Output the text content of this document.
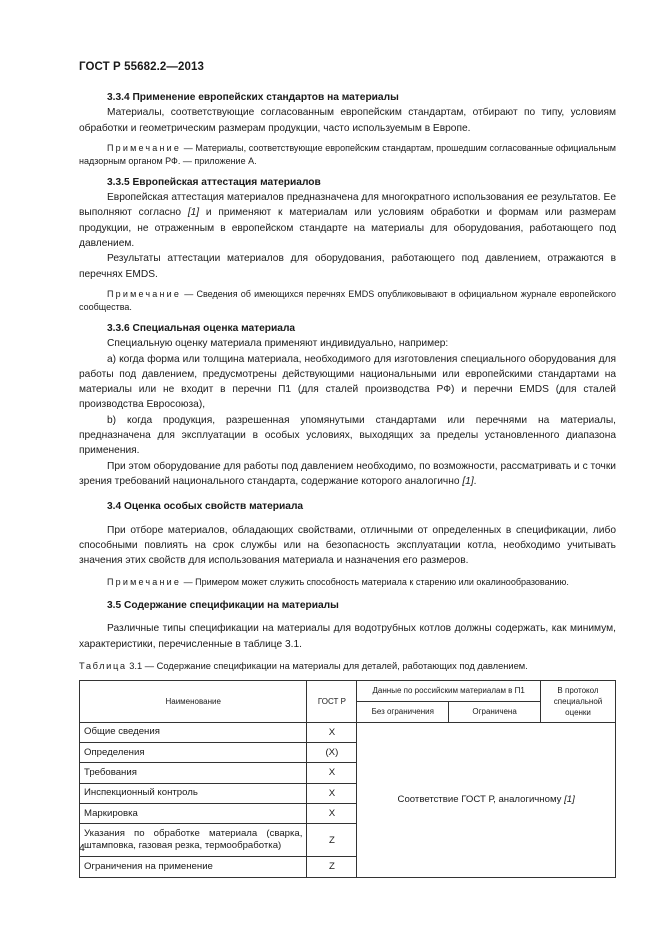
ГОСТ Р 55682.2—2013

3.3.4 Применение европейских стандартов на материалы

Материалы, соответствующие согласованным европейским стандартам, отбирают по типу, условиям обработки и геометрическим размерам продукции, часто используемым в Европе.

Примечание — Материалы, соответствующие европейским стандартам, прошедшим согласованные официальным надзорным органом РФ. — приложение А.

3.3.5 Европейская аттестация материалов

Европейская аттестация материалов предназначена для многократного использования ее результатов. Ее выполняют согласно [1] и применяют к материалам или условиям обработки и формам или размерам продукции, не отраженным в европейском стандарте на материалы для оборудования, работающего под давлением.

Результаты аттестации материалов для оборудования, работающего под давлением, отражаются в перечнях EMDS.

Примечание — Сведения об имеющихся перечнях EMDS опубликовывают в официальном журнале европейского сообщества.

3.3.6 Специальная оценка материала

Специальную оценку материала применяют индивидуально, например:

a) когда форма или толщина материала, необходимого для изготовления специального оборудования для работы под давлением, предусмотрены действующими национальными или европейскими стандартами на материалы или не входит в перечни П1 (для сталей производства РФ) и перечни EMDS (для сталей производства Евросоюза),

b) когда продукция, разрешенная упомянутыми стандартами или перечнями на материалы, предназначена для эксплуатации в особых условиях, выходящих за пределы установленного диапазона применения.

При этом оборудование для работы под давлением необходимо, по возможности, рассматривать и с точки зрения требований национального стандарта, содержание которого аналогично [1].

3.4 Оценка особых свойств материала

При отборе материалов, обладающих свойствами, отличными от определенных в спецификации, либо способными повлиять на срок службы или на безопасность эксплуатации котла, необходимо учитывать значения этих свойств для использования материала и назначения его размеров.

Примечание — Примером может служить способность материала к старению или окалинообразованию.

3.5 Содержание спецификации на материалы

Различные типы спецификации на материалы для водотрубных котлов должны содержать, как минимум, характеристики, перечисленные в таблице 3.1.

Таблица 3.1 — Содержание спецификации на материалы для деталей, работающих под давлением.

Наименование	ГОСТ Р	Данные по российским материалам в П1		В протокол специальной оценки
		Без ограничения	Ограничена	
Общие сведения	X	Соответствие ГОСТ Р, аналогичному [1]		
Определения	(X)			
Требования	X			
Инспекционный контроль	X			
Маркировка	X			
Указания по обработке материала (сварка, штамповка, газовая резка, термообработка)	Z			
Ограничения на применение	Z			
4
